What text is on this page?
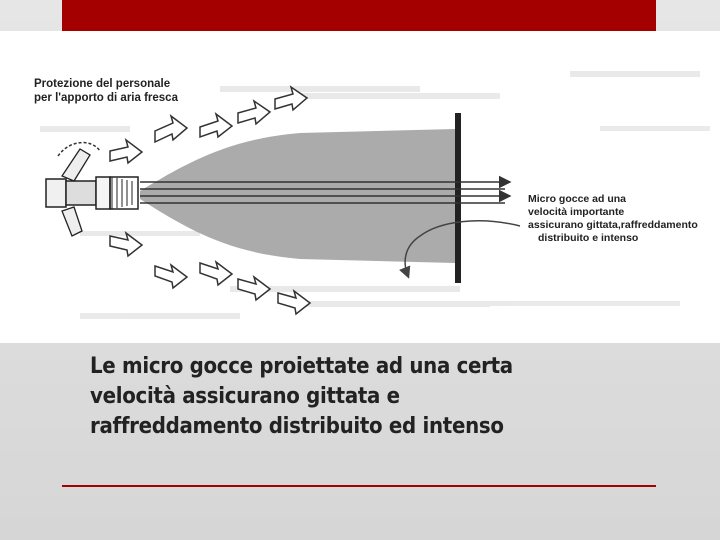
Protezione del personale
per l'apporto di aria fresca
Micro gocce ad una
velocità importante
assicurano gittata,raffreddamento
distribuito e intenso
Le micro gocce proiettate ad una certa
velocità assicurano gittata e
raffreddamento distribuito ed intenso
